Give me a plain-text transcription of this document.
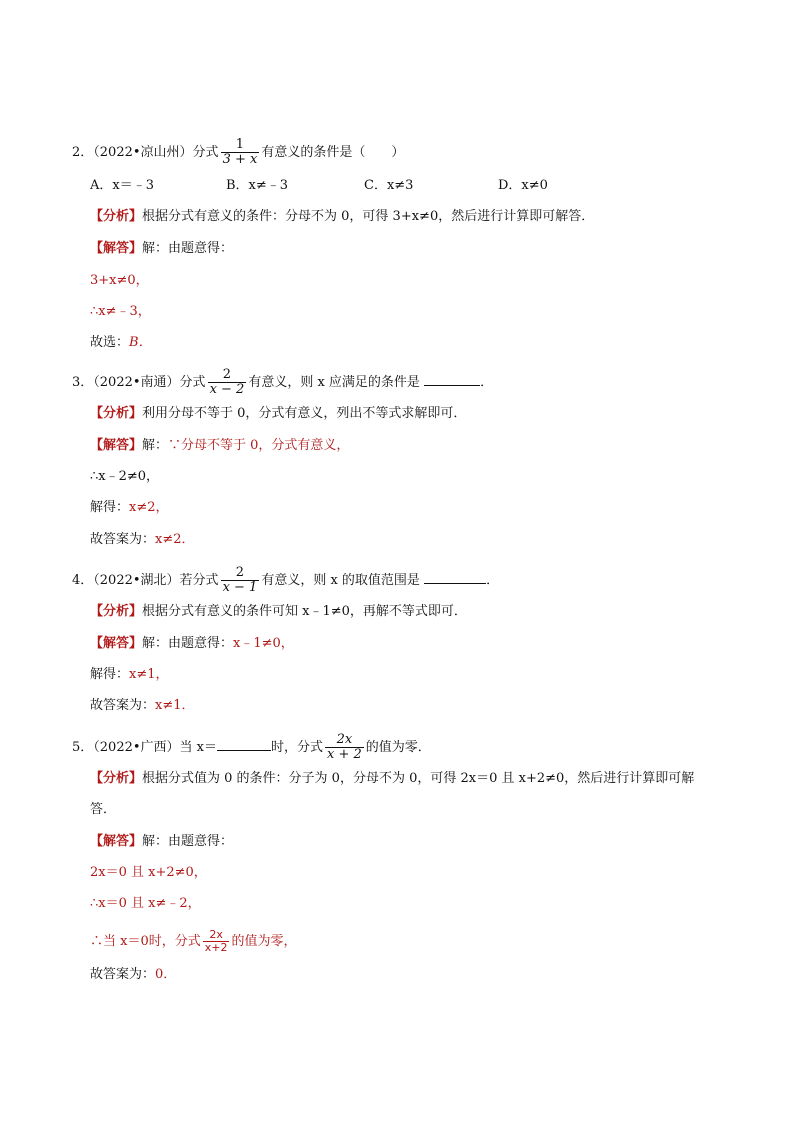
2．（2022•凉山州）分式 $\frac{1}{3 + x}$ 有意义的条件是（　　）
A．x＝﹣3	B．x≠﹣3	C．x≠3	D．x≠0
【分析】根据分式有意义的条件：分母不为 0，可得 3+x≠0，然后进行计算即可解答．
【解答】解：由题意得：
3+x≠0，
∴x≠﹣3，
故选：B．
3．（2022•南通）分式 $\frac{2}{x - 2}$ 有意义，则 x 应满足的条件是	．
【分析】利用分母不等于 0，分式有意义，列出不等式求解即可．
【解答】解：∵分母不等于 0，分式有意义，
∴x﹣2≠0，
解得：x≠2，
故答案为：x≠2．
4．（2022•湖北）若分式 $\frac{2}{x - 1}$ 有意义，则 x 的取值范围是	．
【分析】根据分式有意义的条件可知 x﹣1≠0，再解不等式即可．
【解答】解：由题意得：x﹣1≠0，
解得：x≠1，
故答案为：x≠1．
5．（2022•广西）当 x＝	时，分式 $\frac{2x}{x + 2}$ 的值为零．
【分析】根据分式值为 0 的条件：分子为 0，分母不为 0，可得 2x＝0 且 x+2≠0，然后进行计算即可解
答．
【解答】解：由题意得：
2x＝0 且 x+2≠0，
∴x＝0 且 x≠﹣2，
∴当 x＝0时，分式 $\frac{2x}{x+2}$ 的值为零，
故答案为：0．
